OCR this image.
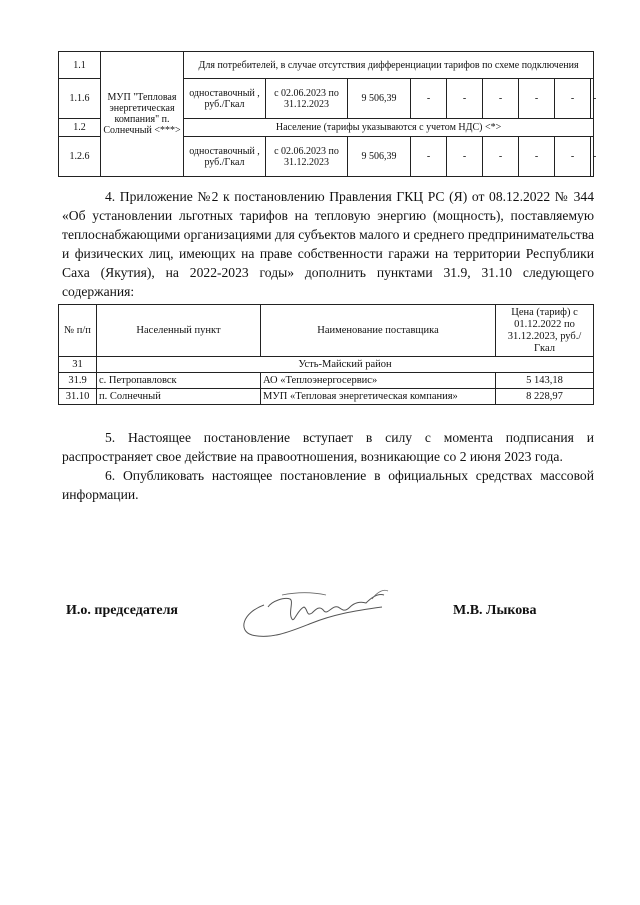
1.1	МУП "Тепловая энергетическая компания" п. Солнечный <***>	Для потребителей, в случае отсутствия дифференциации тарифов по схеме подключения								
1.1.6		одноставочный , руб./Гкал	с 02.06.2023 по 31.12.2023	9 506,39	-	-	-	-	-	-
1.2		Население (тарифы указываются с учетом НДС) <*>								
1.2.6		одноставочный , руб./Гкал	с 02.06.2023 по 31.12.2023	9 506,39	-	-	-	-	-	-

4. Приложение №2 к постановлению Правления ГКЦ РС (Я) от 08.12.2022 № 344 «Об установлении льготных тарифов на тепловую энергию (мощность), поставляемую теплоснабжающими организациями для субъектов малого и среднего предпринимательства и физических лиц, имеющих на праве собственности гаражи на территории Республики Саха (Якутия), на 2022-2023 годы» дополнить пунктами 31.9, 31.10 следующего содержания:

№ п/п	Населенный пункт	Наименование поставщика	Цена (тариф) с 01.12.2022 по 31.12.2023, руб./Гкал
31	Усть-Майский район		
31.9	с. Петропавловск	АО «Теплоэнергосервис»	5 143,18
31.10	п. Солнечный	МУП «Тепловая энергетическая компания»	8 228,97

5. Настоящее постановление вступает в силу с момента подписания и распространяет свое действие на правоотношения, возникающие со 2 июня 2023 года.

6. Опубликовать настоящее постановление в официальных средствах массовой информации.

И.о. председателя	М.В. Лыкова
